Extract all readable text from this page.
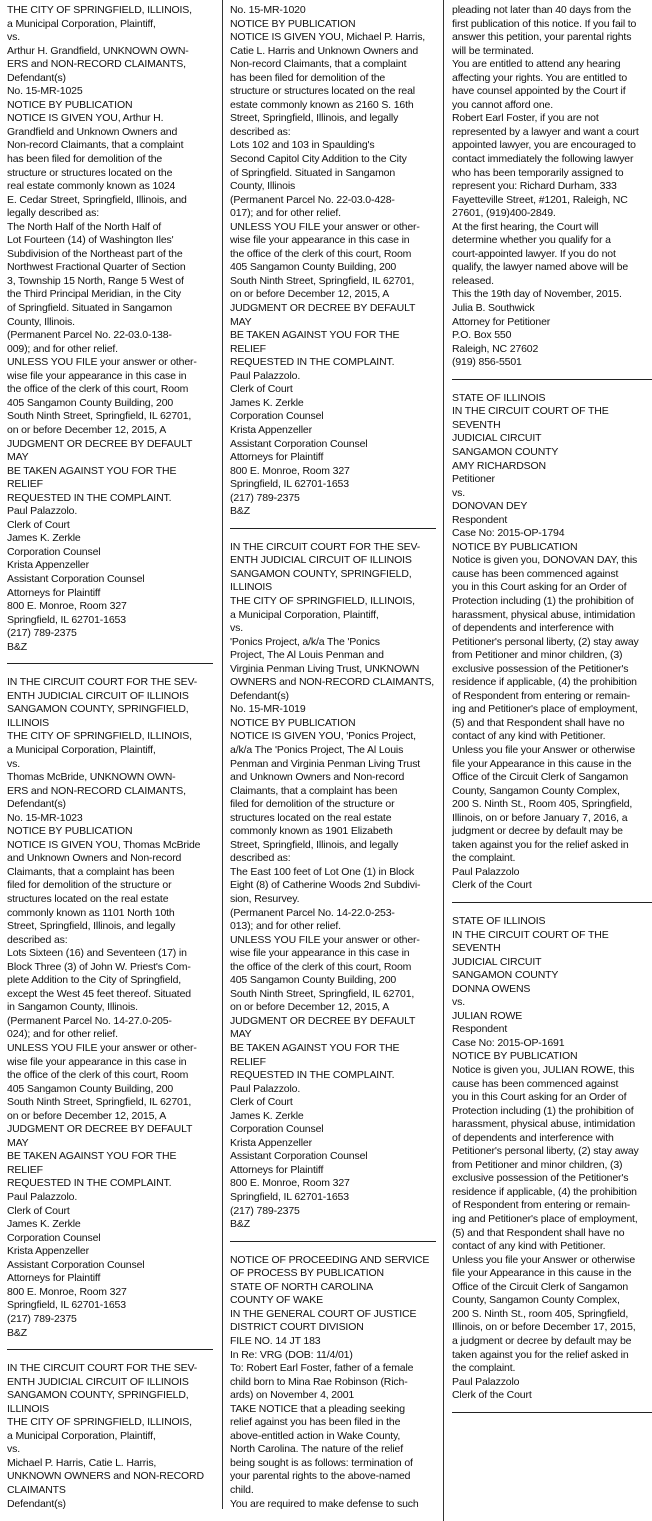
THE CITY OF SPRINGFIELD, ILLINOIS,
a Municipal Corporation, Plaintiff,
vs.
Arthur H. Grandfield, UNKNOWN OWN-
ERS and NON-RECORD CLAIMANTS,
Defendant(s)
No. 15-MR-1025
NOTICE BY PUBLICATION
NOTICE IS GIVEN YOU, Arthur H.
Grandfield and Unknown Owners and
Non-record Claimants, that a complaint
has been filed for demolition of the
structure or structures located on the
real estate commonly known as 1024
E. Cedar Street, Springfield, Illinois, and
legally described as:
The North Half of the North Half of
Lot Fourteen (14) of Washington Iles'
Subdivision of the Northeast part of the
Northwest Fractional Quarter of Section
3, Township 15 North, Range 5 West of
the Third Principal Meridian, in the City
of Springfield. Situated in Sangamon
County, Illinois.
(Permanent Parcel No. 22-03.0-138-
009); and for other relief.
UNLESS YOU FILE your answer or other-
wise file your appearance in this case in
the office of the clerk of this court, Room
405 Sangamon County Building, 200
South Ninth Street, Springfield, IL 62701,
on or before December 12, 2015, A
JUDGMENT OR DECREE BY DEFAULT MAY
BE TAKEN AGAINST YOU FOR THE RELIEF
REQUESTED IN THE COMPLAINT.
Paul Palazzolo.
Clerk of Court
James K. Zerkle
Corporation Counsel
Krista Appenzeller
Assistant Corporation Counsel
Attorneys for Plaintiff
800 E. Monroe, Room 327
Springfield, IL 62701-1653
(217) 789-2375
B&Z

IN THE CIRCUIT COURT FOR THE SEV-
ENTH JUDICIAL CIRCUIT OF ILLINOIS
SANGAMON COUNTY, SPRINGFIELD,
ILLINOIS
THE CITY OF SPRINGFIELD, ILLINOIS,
a Municipal Corporation, Plaintiff,
vs.
Thomas McBride, UNKNOWN OWN-
ERS and NON-RECORD CLAIMANTS,
Defendant(s)
No. 15-MR-1023
NOTICE BY PUBLICATION
NOTICE IS GIVEN YOU, Thomas McBride
and Unknown Owners and Non-record
Claimants, that a complaint has been
filed for demolition of the structure or
structures located on the real estate
commonly known as 1101 North 10th
Street, Springfield, Illinois, and legally
described as:
Lots Sixteen (16) and Seventeen (17) in
Block Three (3) of John W. Priest's Com-
plete Addition to the City of Springfield,
except the West 45 feet thereof. Situated
in Sangamon County, Illinois.
(Permanent Parcel No. 14-27.0-205-
024); and for other relief.
UNLESS YOU FILE your answer or other-
wise file your appearance in this case in
the office of the clerk of this court, Room
405 Sangamon County Building, 200
South Ninth Street, Springfield, IL 62701,
on or before December 12, 2015, A
JUDGMENT OR DECREE BY DEFAULT MAY
BE TAKEN AGAINST YOU FOR THE RELIEF
REQUESTED IN THE COMPLAINT.
Paul Palazzolo.
Clerk of Court
James K. Zerkle
Corporation Counsel
Krista Appenzeller
Assistant Corporation Counsel
Attorneys for Plaintiff
800 E. Monroe, Room 327
Springfield, IL 62701-1653
(217) 789-2375
B&Z

IN THE CIRCUIT COURT FOR THE SEV-
ENTH JUDICIAL CIRCUIT OF ILLINOIS
SANGAMON COUNTY, SPRINGFIELD,
ILLINOIS
THE CITY OF SPRINGFIELD, ILLINOIS,
a Municipal Corporation, Plaintiff,
vs.
Michael P. Harris, Catie L. Harris,
UNKNOWN OWNERS and NON-RECORD
CLAIMANTS
Defendant(s)

No. 15-MR-1020
NOTICE BY PUBLICATION
NOTICE IS GIVEN YOU, Michael P. Harris,
Catie L. Harris and Unknown Owners and
Non-record Claimants, that a complaint
has been filed for demolition of the
structure or structures located on the real
estate commonly known as 2160 S. 16th
Street, Springfield, Illinois, and legally
described as:
Lots 102 and 103 in Spaulding's
Second Capitol City Addition to the City
of Springfield. Situated in Sangamon
County, Illinois
(Permanent Parcel No. 22-03.0-428-
017); and for other relief.
UNLESS YOU FILE your answer or other-
wise file your appearance in this case in
the office of the clerk of this court, Room
405 Sangamon County Building, 200
South Ninth Street, Springfield, IL 62701,
on or before December 12, 2015, A
JUDGMENT OR DECREE BY DEFAULT MAY
BE TAKEN AGAINST YOU FOR THE RELIEF
REQUESTED IN THE COMPLAINT.
Paul Palazzolo.
Clerk of Court
James K. Zerkle
Corporation Counsel
Krista Appenzeller
Assistant Corporation Counsel
Attorneys for Plaintiff
800 E. Monroe, Room 327
Springfield, IL 62701-1653
(217) 789-2375
B&Z

IN THE CIRCUIT COURT FOR THE SEV-
ENTH JUDICIAL CIRCUIT OF ILLINOIS
SANGAMON COUNTY, SPRINGFIELD,
ILLINOIS
THE CITY OF SPRINGFIELD, ILLINOIS,
a Municipal Corporation, Plaintiff,
vs.
'Ponics Project, a/k/a The 'Ponics
Project, The Al Louis Penman and
Virginia Penman Living Trust, UNKNOWN
OWNERS and NON-RECORD CLAIMANTS,
Defendant(s)
No. 15-MR-1019
NOTICE BY PUBLICATION
NOTICE IS GIVEN YOU, 'Ponics Project,
a/k/a The 'Ponics Project, The Al Louis
Penman and Virginia Penman Living Trust
and Unknown Owners and Non-record
Claimants, that a complaint has been
filed for demolition of the structure or
structures located on the real estate
commonly known as 1901 Elizabeth
Street, Springfield, Illinois, and legally
described as:
The East 100 feet of Lot One (1) in Block
Eight (8) of Catherine Woods 2nd Subdivi-
sion, Resurvey.
(Permanent Parcel No. 14-22.0-253-
013); and for other relief.
UNLESS YOU FILE your answer or other-
wise file your appearance in this case in
the office of the clerk of this court, Room
405 Sangamon County Building, 200
South Ninth Street, Springfield, IL 62701,
on or before December 12, 2015, A
JUDGMENT OR DECREE BY DEFAULT MAY
BE TAKEN AGAINST YOU FOR THE RELIEF
REQUESTED IN THE COMPLAINT.
Paul Palazzolo.
Clerk of Court
James K. Zerkle
Corporation Counsel
Krista Appenzeller
Assistant Corporation Counsel
Attorneys for Plaintiff
800 E. Monroe, Room 327
Springfield, IL 62701-1653
(217) 789-2375
B&Z

NOTICE OF PROCEEDING AND SERVICE
OF PROCESS BY PUBLICATION
STATE OF NORTH CAROLINA
COUNTY OF WAKE
IN THE GENERAL COURT OF JUSTICE
DISTRICT COURT DIVISION
FILE NO. 14 JT 183
In Re: VRG (DOB: 11/4/01)
To: Robert Earl Foster, father of a female
child born to Mina Rae Robinson (Rich-
ards) on November 4, 2001
TAKE NOTICE that a pleading seeking
relief against you has been filed in the
above-entitled action in Wake County,
North Carolina. The nature of the relief
being sought is as follows: termination of
your parental rights to the above-named
child.
You are required to make defense to such

pleading not later than 40 days from the
first publication of this notice. If you fail to
answer this petition, your parental rights
will be terminated.
You are entitled to attend any hearing
affecting your rights. You are entitled to
have counsel appointed by the Court if
you cannot afford one.
Robert Earl Foster, if you are not
represented by a lawyer and want a court
appointed lawyer, you are encouraged to
contact immediately the following lawyer
who has been temporarily assigned to
represent you: Richard Durham, 333
Fayetteville Street, #1201, Raleigh, NC
27601, (919)400-2849.
At the first hearing, the Court will
determine whether you qualify for a
court-appointed lawyer. If you do not
qualify, the lawyer named above will be
released.
This the 19th day of November, 2015.
Julia B. Southwick
Attorney for Petitioner
P.O. Box 550
Raleigh, NC 27602
(919) 856-5501

STATE OF ILLINOIS
IN THE CIRCUIT COURT OF THE SEVENTH
JUDICIAL CIRCUIT
SANGAMON COUNTY
AMY RICHARDSON
Petitioner
vs.
DONOVAN DEY
Respondent
Case No: 2015-OP-1794
NOTICE BY PUBLICATION
Notice is given you, DONOVAN DAY, this
cause has been commenced against
you in this Court asking for an Order of
Protection including (1) the prohibition of
harassment, physical abuse, intimidation
of dependents and interference with
Petitioner's personal liberty, (2) stay away
from Petitioner and minor children, (3)
exclusive possession of the Petitioner's
residence if applicable, (4) the prohibition
of Respondent from entering or remain-
ing and Petitioner's place of employment,
(5) and that Respondent shall have no
contact of any kind with Petitioner.
Unless you file your Answer or otherwise
file your Appearance in this cause in the
Office of the Circuit Clerk of Sangamon
County, Sangamon County Complex,
200 S. Ninth St., Room 405, Springfield,
Illinois, on or before January 7, 2016, a
judgment or decree by default may be
taken against you for the relief asked in
the complaint.
Paul Palazzolo
Clerk of the Court

STATE OF ILLINOIS
IN THE CIRCUIT COURT OF THE SEVENTH
JUDICIAL CIRCUIT
SANGAMON COUNTY
DONNA OWENS
vs.
JULIAN ROWE
Respondent
Case No: 2015-OP-1691
NOTICE BY PUBLICATION
Notice is given you, JULIAN ROWE, this
cause has been commenced against
you in this Court asking for an Order of
Protection including (1) the prohibition of
harassment, physical abuse, intimidation
of dependents and interference with
Petitioner's personal liberty, (2) stay away
from Petitioner and minor children, (3)
exclusive possession of the Petitioner's
residence if applicable, (4) the prohibition
of Respondent from entering or remain-
ing and Petitioner's place of employment,
(5) and that Respondent shall have no
contact of any kind with Petitioner.
Unless you file your Answer or otherwise
file your Appearance in this cause in the
Office of the Circuit Clerk of Sangamon
County, Sangamon County Complex,
200 S. Ninth St., room 405, Springfield,
Illinois, on or before December 17, 2015,
a judgment or decree by default may be
taken against you for the relief asked in
the complaint.
Paul Palazzolo
Clerk of the Court
